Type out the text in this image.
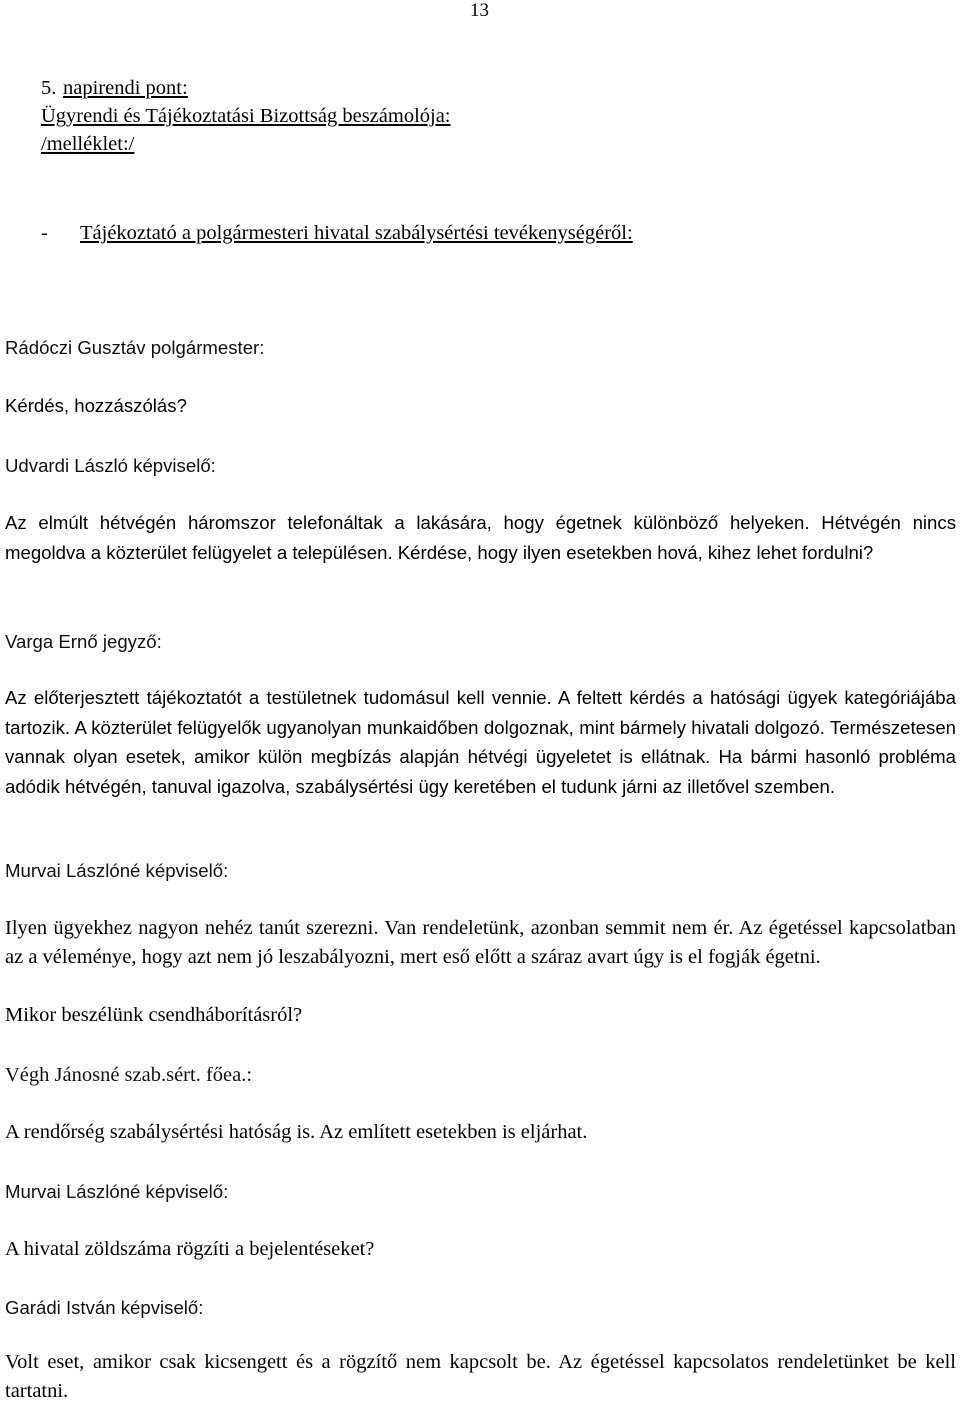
13
5. napirendi pont:
Ügyrendi és Tájékoztatási Bizottság beszámolója:
/melléklet:/
- Tájékoztató a polgármesteri hivatal szabálysértési tevékenységéről:
Rádóczi Gusztáv polgármester:
Kérdés, hozzászólás?
Udvardi László képviselő:
Az elmúlt hétvégén háromszor telefonáltak a lakására, hogy égetnek különböző helyeken. Hétvégén nincs megoldva a közterület felügyelet a településen. Kérdése, hogy ilyen esetekben hová, kihez lehet fordulni?
Varga Ernő jegyző:
Az előterjesztett tájékoztatót a testületnek tudomásul kell vennie. A feltett kérdés a hatósági ügyek kategóriájába tartozik. A közterület felügyelők ugyanolyan munkaidőben dolgoznak, mint bármely hivatali dolgozó. Természetesen vannak olyan esetek, amikor külön megbízás alapján hétvégi ügyeletet is ellátnak. Ha bármi hasonló probléma adódik hétvégén, tanuval igazolva, szabálysértési ügy keretében el tudunk járni az illetővel szemben.
Murvai Lászlóné képviselő:
Ilyen ügyekhez nagyon nehéz tanút szerezni. Van rendeletünk, azonban semmit nem ér. Az égetéssel kapcsolatban az a véleménye, hogy azt nem jó leszabályozni, mert eső előtt a száraz avart úgy is el fogják égetni.
Mikor beszélünk csendháborításról?
Végh Jánosné szab.sért. főea.:
A rendőrség szabálysértési hatóság is. Az említett esetekben is eljárhat.
Murvai Lászlóné képviselő:
A hivatal zöldszáma rögzíti a bejelentéseket?
Garádi István képviselő:
Volt eset, amikor csak kicsengett és a rögzítő nem kapcsolt be. Az égetéssel kapcsolatos rendeletünket be kell tartatni.
